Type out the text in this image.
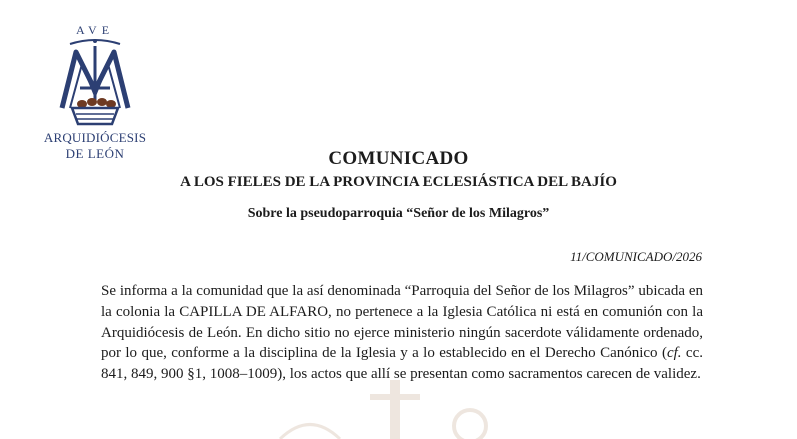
AVE
ARQUIDIÓCESIS
DE LEÓN	COMUNICADO
A LOS FIELES DE LA PROVINCIA ECLESIÁSTICA DEL BAJÍO
Sobre la pseudoparroquia “Señor de los Milagros”
11/COMUNICADO/2026

Se informa a la comunidad que la así denominada “Parroquia del Señor de los Milagros” ubicada en la colonia la CAPILLA DE ALFARO, no pertenece a la Iglesia Católica ni está en comunión con la Arquidiócesis de León. En dicho sitio no ejerce ministerio ningún sacerdote válidamente ordenado, por lo que, conforme a la disciplina de la Iglesia y a lo establecido en el Derecho Canónico (cf. cc. 841, 849, 900 §1, 1008–1009), los actos que allí se presentan como sacramentos carecen de validez.
